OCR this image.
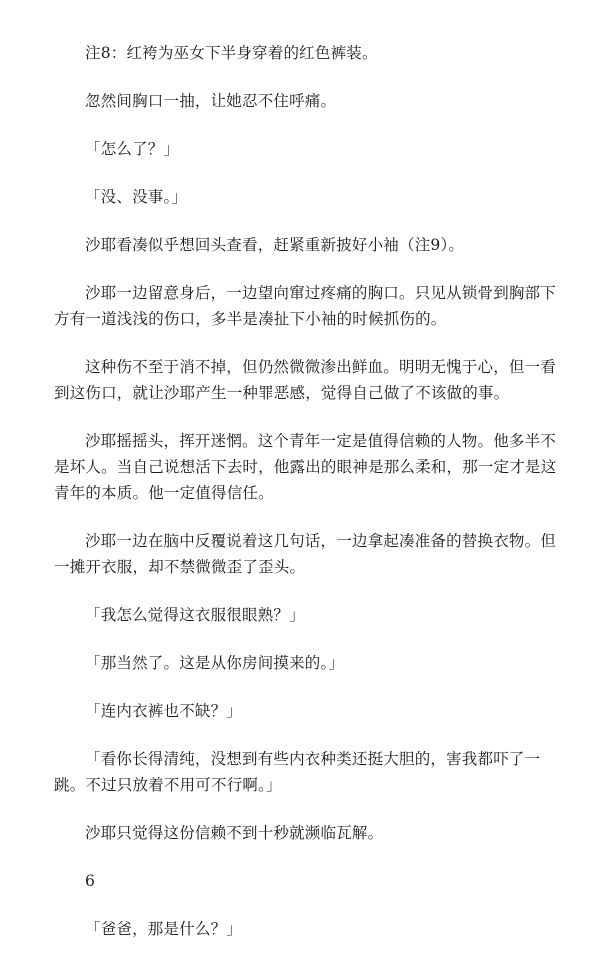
注8：红袴为巫女下半身穿着的红色裤装。

忽然间胸口一抽，让她忍不住呼痛。

「怎么了？」

「没、没事。」

沙耶看凑似乎想回头查看，赶紧重新披好小袖（注9）。

沙耶一边留意身后，一边望向窜过疼痛的胸口。只见从锁骨到胸部下方有一道浅浅的伤口，多半是凑扯下小袖的时候抓伤的。

这种伤不至于消不掉，但仍然微微渗出鲜血。明明无愧于心，但一看到这伤口，就让沙耶产生一种罪恶感，觉得自己做了不该做的事。

沙耶摇摇头，挥开迷惘。这个青年一定是值得信赖的人物。他多半不是坏人。当自己说想活下去时，他露出的眼神是那么柔和，那一定才是这青年的本质。他一定值得信任。

沙耶一边在脑中反覆说着这几句话，一边拿起凑准备的替换衣物。但一摊开衣服，却不禁微微歪了歪头。

「我怎么觉得这衣服很眼熟？」

「那当然了。这是从你房间摸来的。」

「连内衣裤也不缺？」

「看你长得清纯，没想到有些内衣种类还挺大胆的，害我都吓了一跳。不过只放着不用可不行啊。」

沙耶只觉得这份信赖不到十秒就濒临瓦解。

6

「爸爸，那是什么？」
